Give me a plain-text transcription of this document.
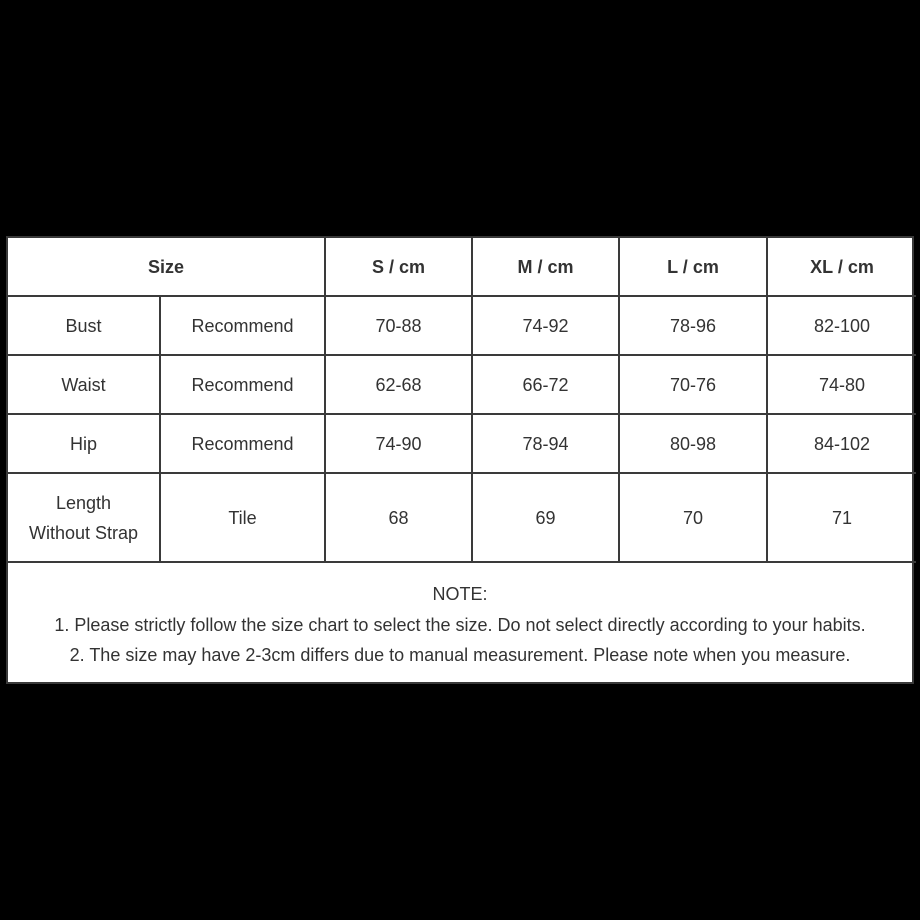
Size		S / cm	M / cm	L / cm	XL / cm
Bust	Recommend	70-88	74-92	78-96	82-100
Waist	Recommend	62-68	66-72	70-76	74-80
Hip	Recommend	74-90	78-94	80-98	84-102

Length
Without Strap	Tile	68	69	70	71
NOTE:
1. Please strictly follow the size chart to select the size. Do not select directly according to your habits.
2. The size may have 2-3cm differs due to manual measurement. Please note when you measure.
